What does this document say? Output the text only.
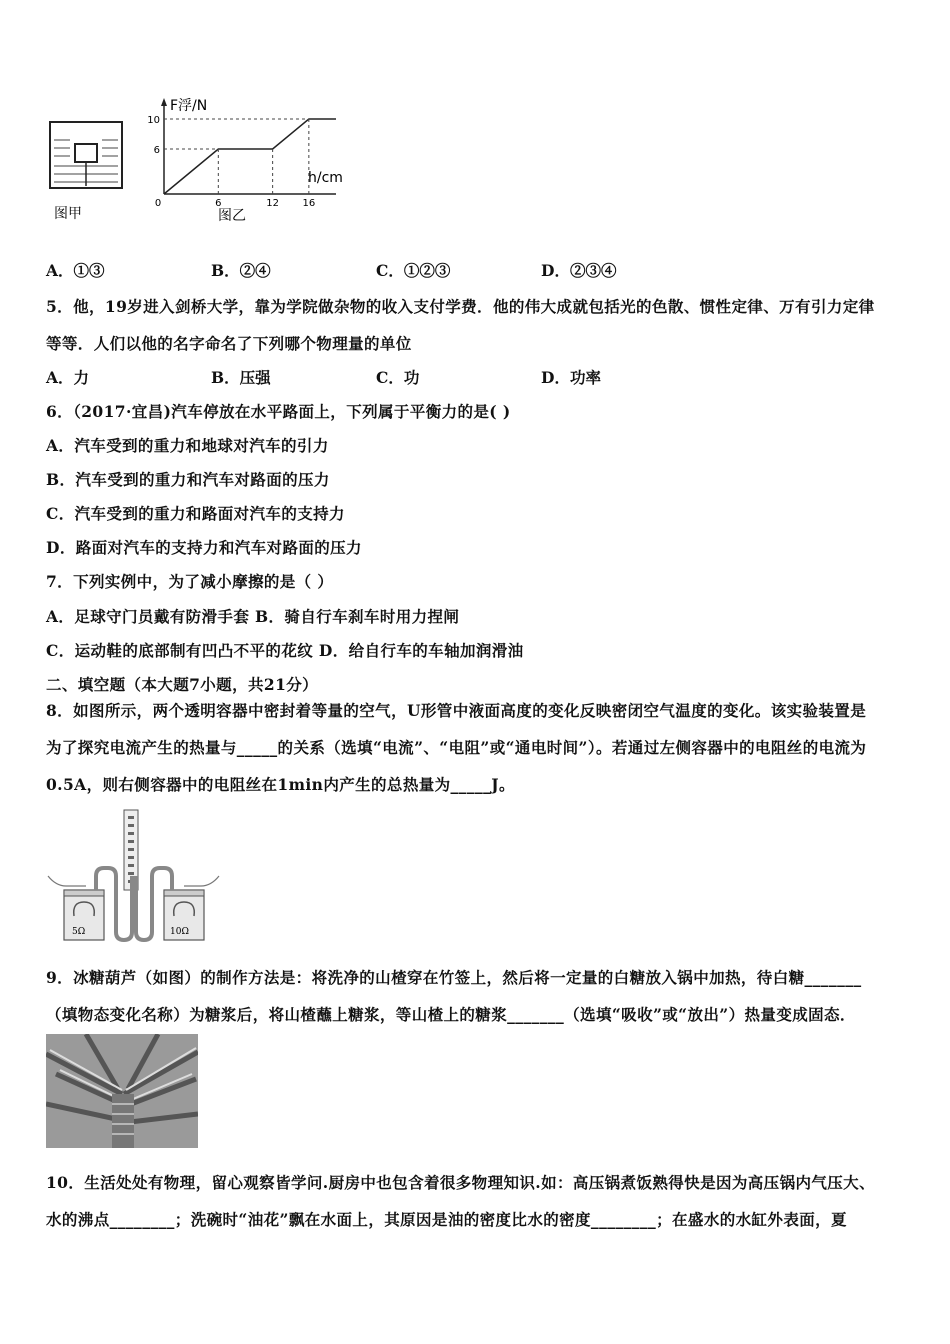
图甲
F浮/N
h/cm
10
6
0	6	12 16
图乙
A．①③	B．②④	C．①②③	D．②③④
5．他，19岁进入剑桥大学，靠为学院做杂物的收入支付学费．他的伟大成就包括光的色散、惯性定律、万有引力定律
等等．人们以他的名字命名了下列哪个物理量的单位
A．力	B．压强	C．功	D．功率
6．（2017·宜昌)汽车停放在水平路面上，下列属于平衡力的是( )
A．汽车受到的重力和地球对汽车的引力
B．汽车受到的重力和汽车对路面的压力
C．汽车受到的重力和路面对汽车的支持力
D．路面对汽车的支持力和汽车对路面的压力
7．下列实例中，为了减小摩擦的是（ ）
A．足球守门员戴有防滑手套 B．骑自行车刹车时用力捏闸
C．运动鞋的底部制有凹凸不平的花纹 D．给自行车的车轴加润滑油
二、填空题（本大题7小题，共21分）
8．如图所示，两个透明容器中密封着等量的空气，U形管中液面高度的变化反映密闭空气温度的变化。该实验装置是
为了探究电流产生的热量与_____的关系（选填“电流”、“电阻”或“通电时间”）。若通过左侧容器中的电阻丝的电流为
0.5A，则右侧容器中的电阻丝在1min内产生的总热量为_____J。
5Ω	10Ω
9．冰糖葫芦（如图）的制作方法是：将洗净的山楂穿在竹签上，然后将一定量的白糖放入锅中加热，待白糖_______
（填物态变化名称）为糖浆后，将山楂蘸上糖浆，等山楂上的糖浆_______（选填“吸收”或“放出”）热量变成固态．
10．生活处处有物理，留心观察皆学问.厨房中也包含着很多物理知识.如：高压锅煮饭熟得快是因为高压锅内气压大、
水的沸点________；洗碗时“油花”飘在水面上，其原因是油的密度比水的密度________；在盛水的水缸外表面，夏
